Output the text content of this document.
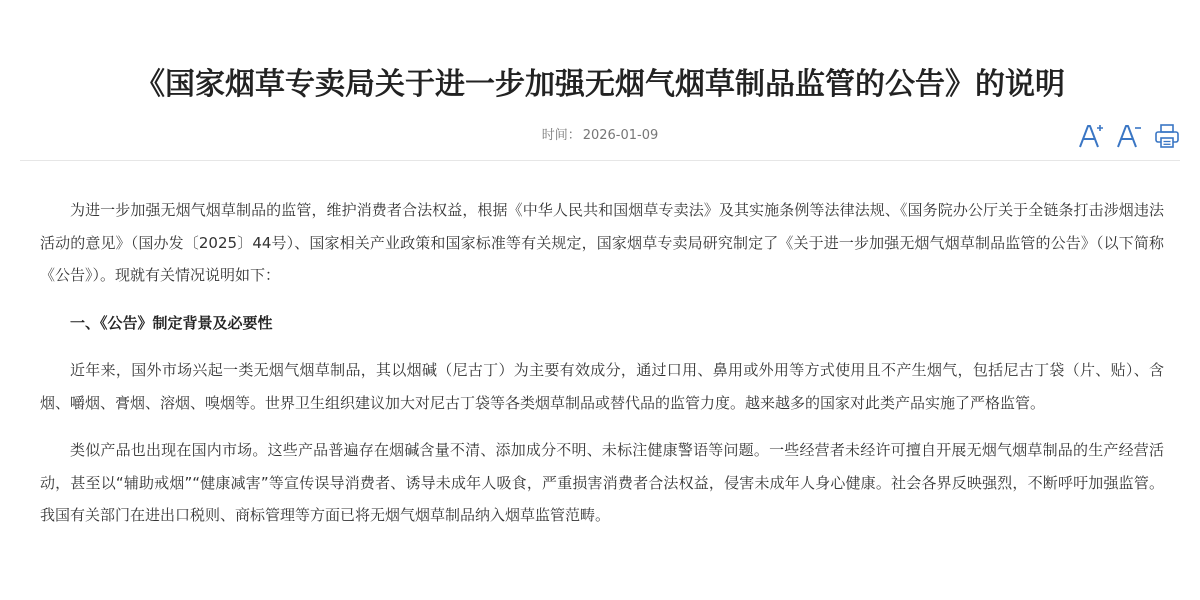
《国家烟草专卖局关于进一步加强无烟气烟草制品监管的公告》的说明
时间： 2026-01-09

为进一步加强无烟气烟草制品的监管，维护消费者合法权益，根据《中华人民共和国烟草专卖法》及其实施条例等法律法规、《国务院办公厅关于全链条打击涉烟违法活动的意见》（国办发〔2025〕44号）、国家相关产业政策和国家标准等有关规定，国家烟草专卖局研究制定了《关于进一步加强无烟气烟草制品监管的公告》（以下简称《公告》）。现就有关情况说明如下：

一、《公告》制定背景及必要性

近年来，国外市场兴起一类无烟气烟草制品，其以烟碱（尼古丁）为主要有效成分，通过口用、鼻用或外用等方式使用且不产生烟气，包括尼古丁袋（片、贴）、含烟、嚼烟、膏烟、溶烟、嗅烟等。世界卫生组织建议加大对尼古丁袋等各类烟草制品或替代品的监管力度。越来越多的国家对此类产品实施了严格监管。

类似产品也出现在国内市场。这些产品普遍存在烟碱含量不清、添加成分不明、未标注健康警语等问题。一些经营者未经许可擅自开展无烟气烟草制品的生产经营活动，甚至以“辅助戒烟”“健康减害”等宣传误导消费者、诱导未成年人吸食，严重损害消费者合法权益，侵害未成年人身心健康。社会各界反映强烈，不断呼吁加强监管。我国有关部门在进出口税则、商标管理等方面已将无烟气烟草制品纳入烟草监管范畴。
